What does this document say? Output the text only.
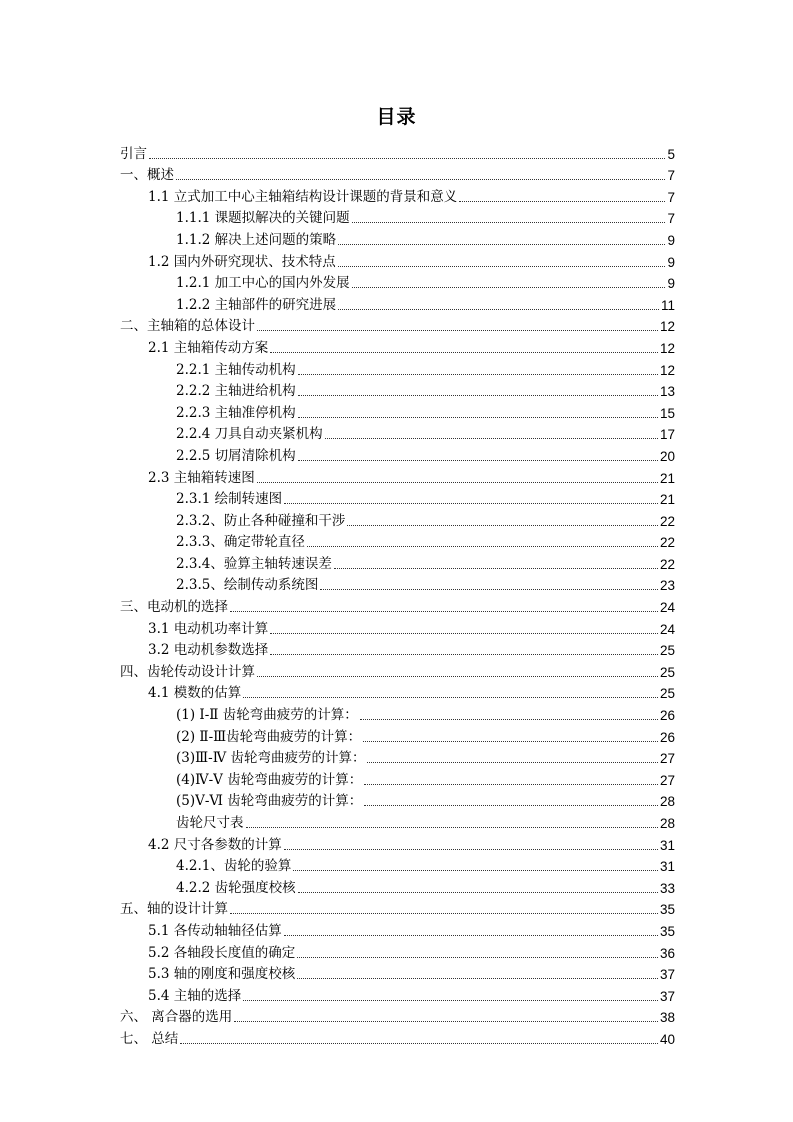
目录
引言	5
一、概述	7
1.1 立式加工中心主轴箱结构设计课题的背景和意义	7
1.1.1 课题拟解决的关键问题	7
1.1.2 解决上述问题的策略	9
1.2 国内外研究现状、技术特点	9
1.2.1 加工中心的国内外发展	9
1.2.2 主轴部件的研究进展	11
二、主轴箱的总体设计	12
2.1 主轴箱传动方案	12
2.2.1 主轴传动机构	12
2.2.2 主轴进给机构	13
2.2.3 主轴准停机构	15
2.2.4 刀具自动夹紧机构	17
2.2.5 切屑清除机构	20
2.3 主轴箱转速图	21
2.3.1 绘制转速图	21
2.3.2、防止各种碰撞和干涉	22
2.3.3、确定带轮直径	22
2.3.4、验算主轴转速误差	22
2.3.5、绘制传动系统图	23
三、电动机的选择	24
3.1 电动机功率计算	24
3.2 电动机参数选择	25
四、齿轮传动设计计算	25
4.1 模数的估算	25
(1) Ⅰ-Ⅱ 齿轮弯曲疲劳的计算：	26
(2) Ⅱ-Ⅲ齿轮弯曲疲劳的计算：	26
(3)Ⅲ-Ⅳ 齿轮弯曲疲劳的计算：	27
(4)Ⅳ-Ⅴ 齿轮弯曲疲劳的计算：	27
(5)Ⅴ-Ⅵ 齿轮弯曲疲劳的计算：	28
齿轮尺寸表	28
4.2 尺寸各参数的计算	31
4.2.1、齿轮的验算	31
4.2.2 齿轮强度校核	33
五、轴的设计计算	35
5.1 各传动轴轴径估算	35
5.2 各轴段长度值的确定	36
5.3 轴的刚度和强度校核	37
5.4 主轴的选择	37
六、 离合器的选用	38
七、 总结	40
